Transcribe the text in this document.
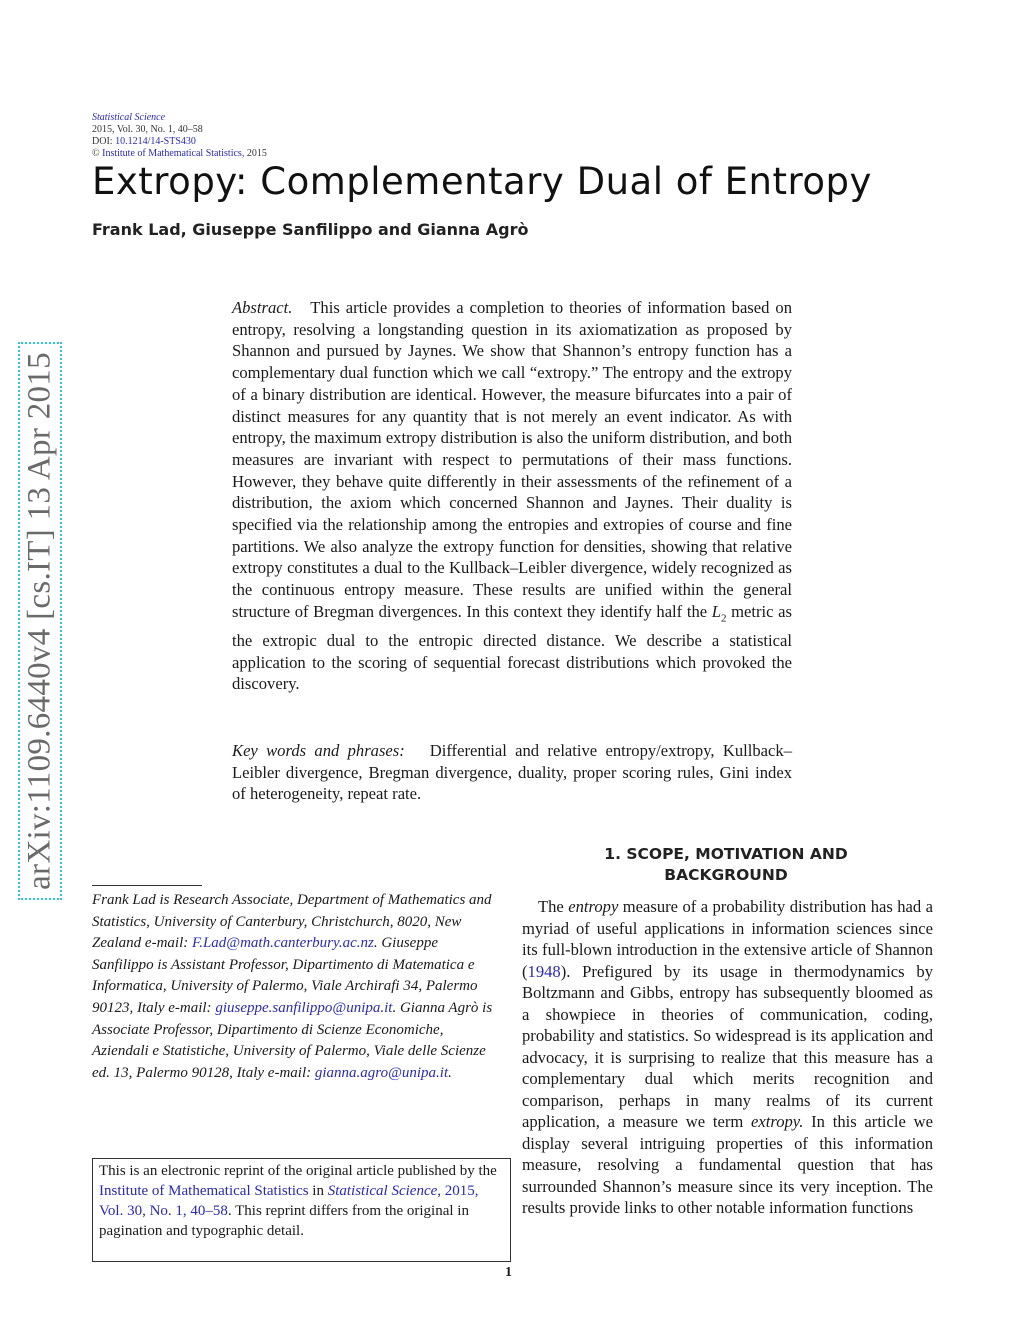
Statistical Science
2015, Vol. 30, No. 1, 40–58
DOI: 10.1214/14-STS430
© Institute of Mathematical Statistics, 2015
Extropy: Complementary Dual of Entropy
Frank Lad, Giuseppe Sanfilippo and Gianna Agrò
arXiv:1109.6440v4 [cs.IT] 13 Apr 2015
Abstract. This article provides a completion to theories of information based on entropy, resolving a longstanding question in its axiomatization as proposed by Shannon and pursued by Jaynes. We show that Shannon’s entropy function has a complementary dual function which we call “extropy.” The entropy and the extropy of a binary distribution are identical. However, the measure bifurcates into a pair of distinct measures for any quantity that is not merely an event indicator. As with entropy, the maximum extropy distribution is also the uniform distribution, and both measures are invariant with respect to permutations of their mass functions. However, they behave quite differently in their assessments of the refinement of a distribution, the axiom which concerned Shannon and Jaynes. Their duality is specified via the relationship among the entropies and extropies of course and fine partitions. We also analyze the extropy function for densities, showing that relative extropy constitutes a dual to the Kullback–Leibler divergence, widely recognized as the continuous entropy measure. These results are unified within the general structure of Bregman divergences. In this context they identify half the $L_2$ metric as the extropic dual to the entropic directed distance. We describe a statistical application to the scoring of sequential forecast distributions which provoked the discovery.
Key words and phrases: Differential and relative entropy/extropy, Kullback–Leibler divergence, Bregman divergence, duality, proper scoring rules, Gini index of heterogeneity, repeat rate.
1. SCOPE, MOTIVATION AND
BACKGROUND
The entropy measure of a probability distribution has had a myriad of useful applications in information sciences since its full-blown introduction in the extensive article of Shannon (1948). Prefigured by its usage in thermodynamics by Boltzmann and Gibbs, entropy has subsequently bloomed as a showpiece in theories of communication, coding, probability and statistics. So widespread is its application and advocacy, it is surprising to realize that this measure has a complementary dual which merits recognition and comparison, perhaps in many realms of its current application, a measure we term extropy. In this article we display several intriguing properties of this information measure, resolving a fundamental question that has surrounded Shannon’s measure since its very inception. The results provide links to other notable information functions
Frank Lad is Research Associate, Department of Mathematics and Statistics, University of Canterbury, Christchurch, 8020, New Zealand e-mail: F.Lad@math.canterbury.ac.nz. Giuseppe Sanfilippo is Assistant Professor, Dipartimento di Matematica e Informatica, University of Palermo, Viale Archirafi 34, Palermo 90123, Italy e-mail: giuseppe.sanfilippo@unipa.it. Gianna Agrò is Associate Professor, Dipartimento di Scienze Economiche, Aziendali e Statistiche, University of Palermo, Viale delle Scienze ed. 13, Palermo 90128, Italy e-mail: gianna.agro@unipa.it.
This is an electronic reprint of the original article published by the Institute of Mathematical Statistics in Statistical Science, 2015, Vol. 30, No. 1, 40–58. This reprint differs from the original in pagination and typographic detail.
1
